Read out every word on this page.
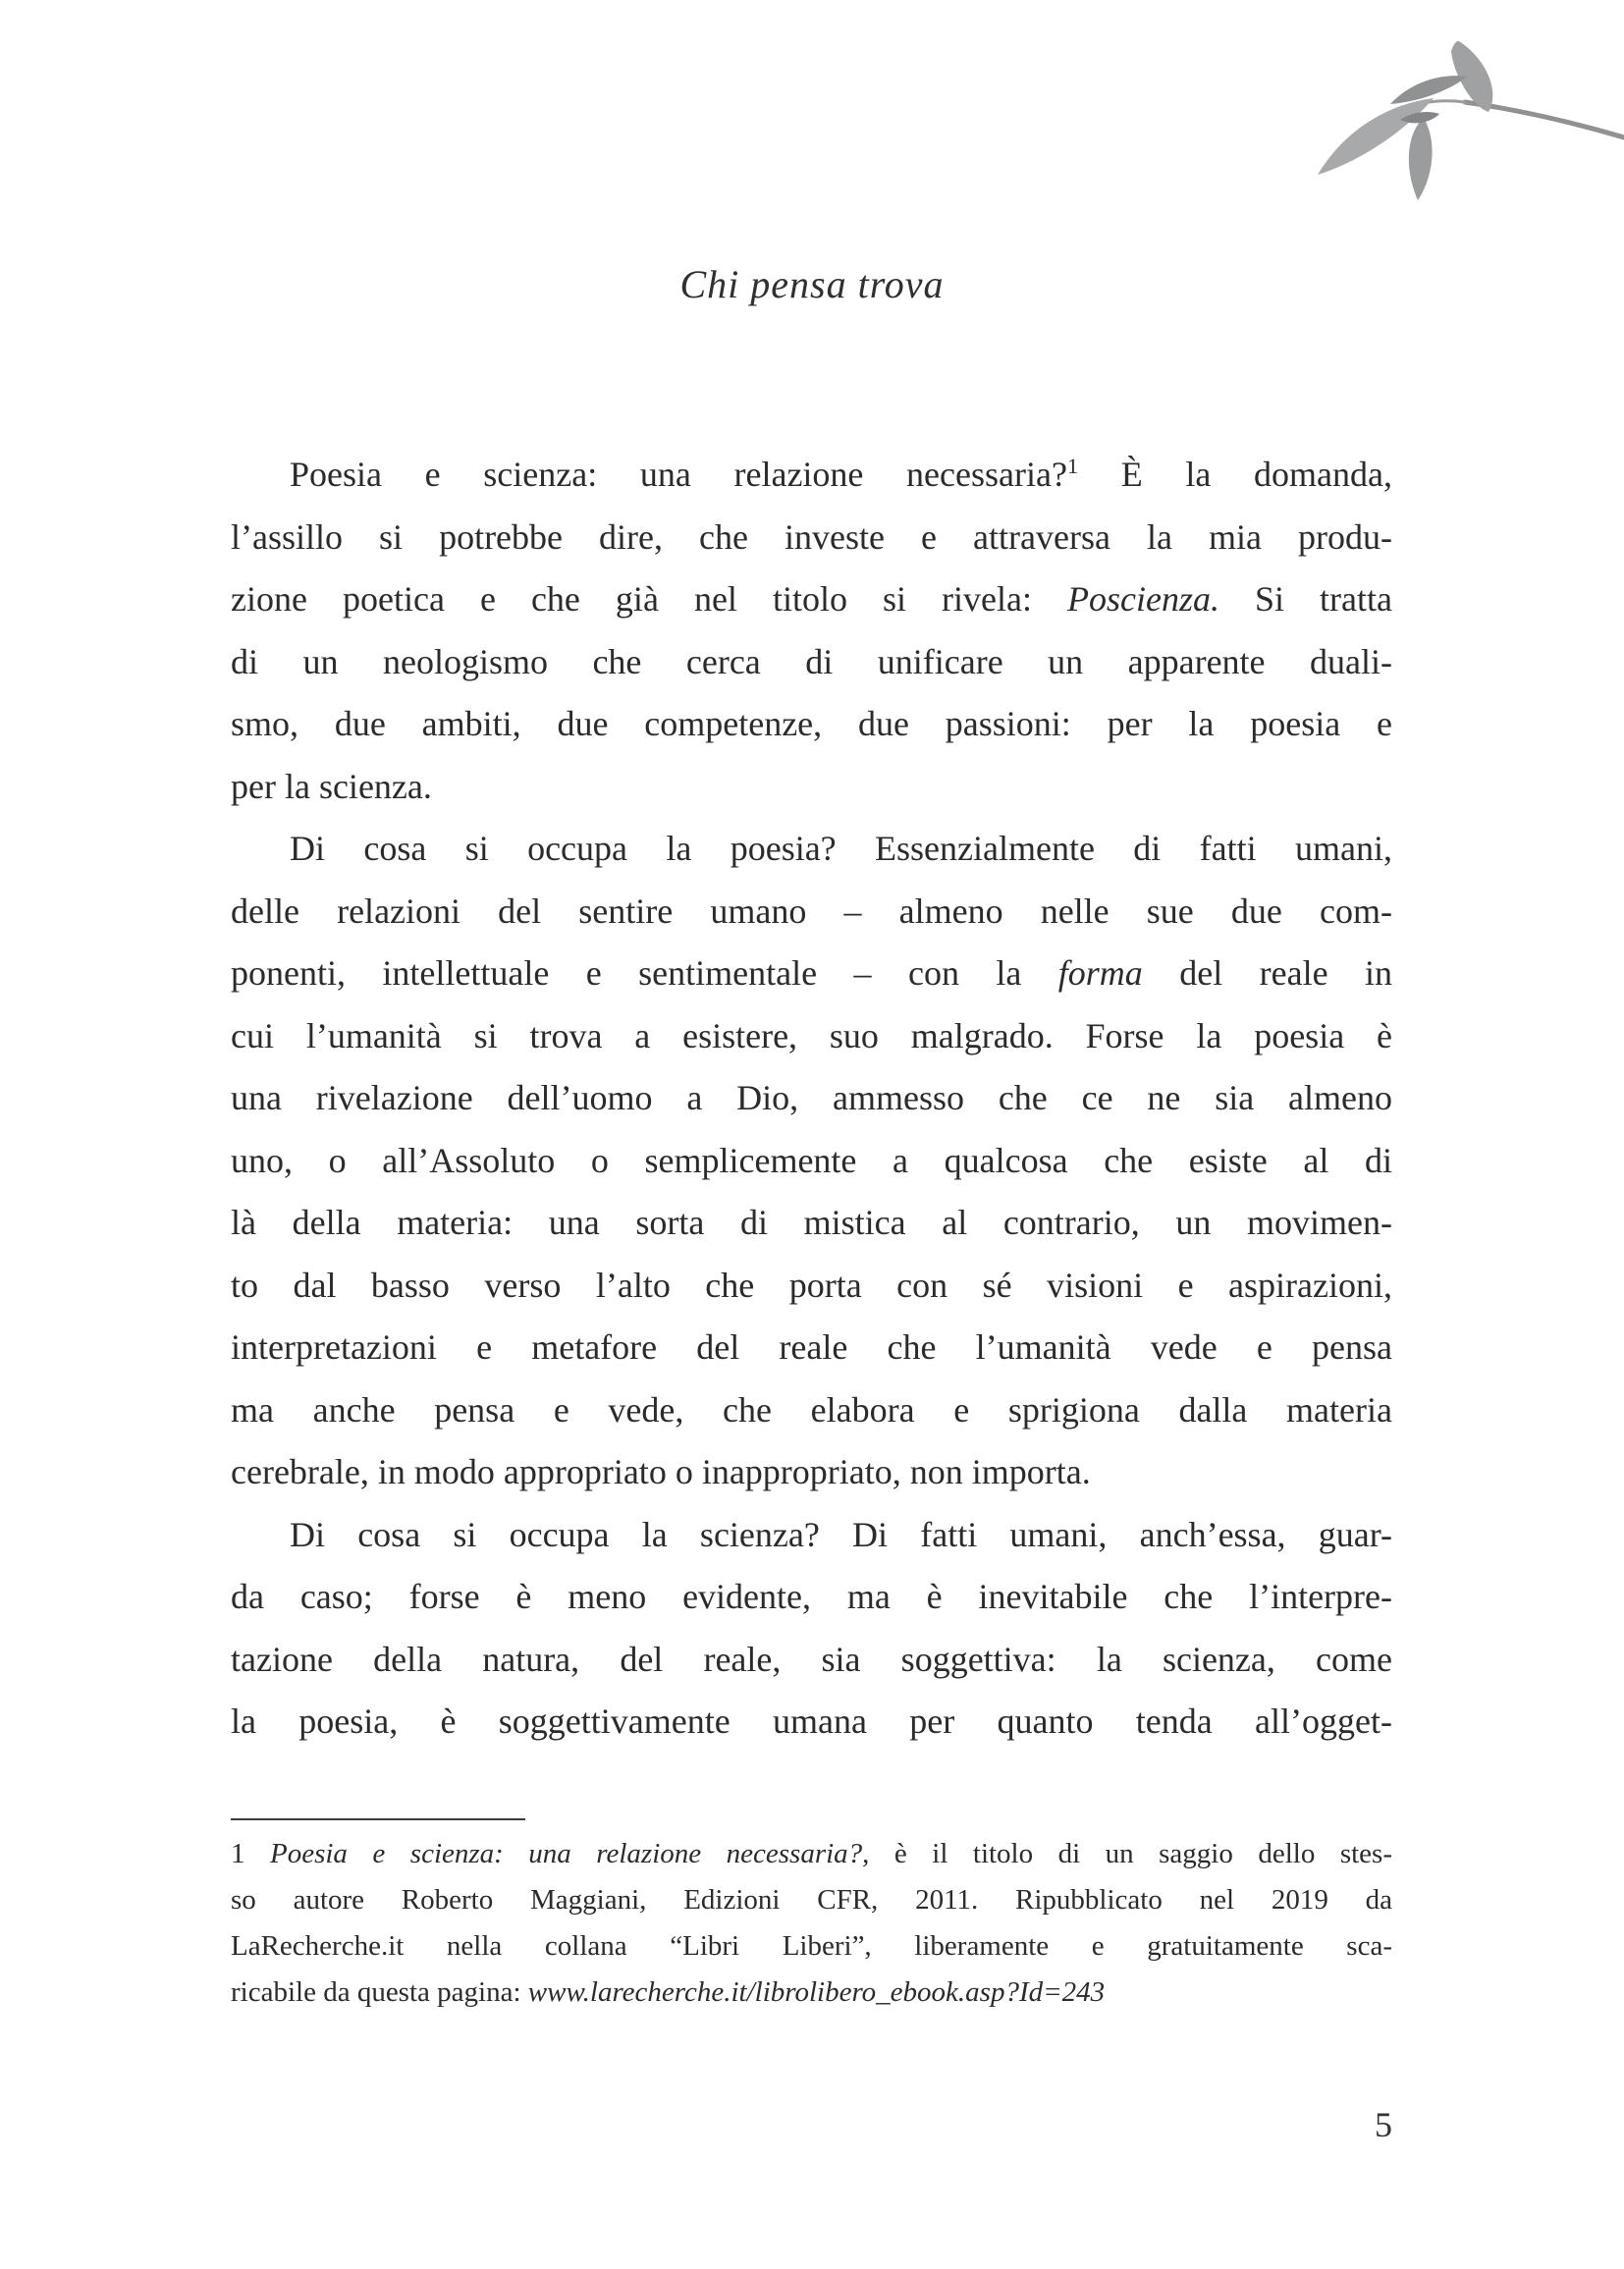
Chi pensa trova
Poesia e scienza: una relazione necessaria?$^1$ È la domanda,
l’assillo si potrebbe dire, che investe e attraversa la mia produ-
zione poetica e che già nel titolo si rivela: Poscienza. Si tratta
di un neologismo che cerca di unificare un apparente duali-
smo, due ambiti, due competenze, due passioni: per la poesia e
per la scienza.
Di cosa si occupa la poesia? Essenzialmente di fatti umani,
delle relazioni del sentire umano – almeno nelle sue due com-
ponenti, intellettuale e sentimentale – con la forma del reale in
cui l’umanità si trova a esistere, suo malgrado. Forse la poesia è
una rivelazione dell’uomo a Dio, ammesso che ce ne sia almeno
uno, o all’Assoluto o semplicemente a qualcosa che esiste al di
là della materia: una sorta di mistica al contrario, un movimen-
to dal basso verso l’alto che porta con sé visioni e aspirazioni,
interpretazioni e metafore del reale che l’umanità vede e pensa
ma anche pensa e vede, che elabora e sprigiona dalla materia
cerebrale, in modo appropriato o inappropriato, non importa.
Di cosa si occupa la scienza? Di fatti umani, anch’essa, guar-
da caso; forse è meno evidente, ma è inevitabile che l’interpre-
tazione della natura, del reale, sia soggettiva: la scienza, come
la poesia, è soggettivamente umana per quanto tenda all’ogget-
1 Poesia e scienza: una relazione necessaria?, è il titolo di un saggio dello stes-
so autore Roberto Maggiani, Edizioni CFR, 2011. Ripubblicato nel 2019 da
LaRecherche.it nella collana “Libri Liberi”, liberamente e gratuitamente sca-
ricabile da questa pagina: www.larecherche.it/librolibero_ebook.asp?Id=243
5
